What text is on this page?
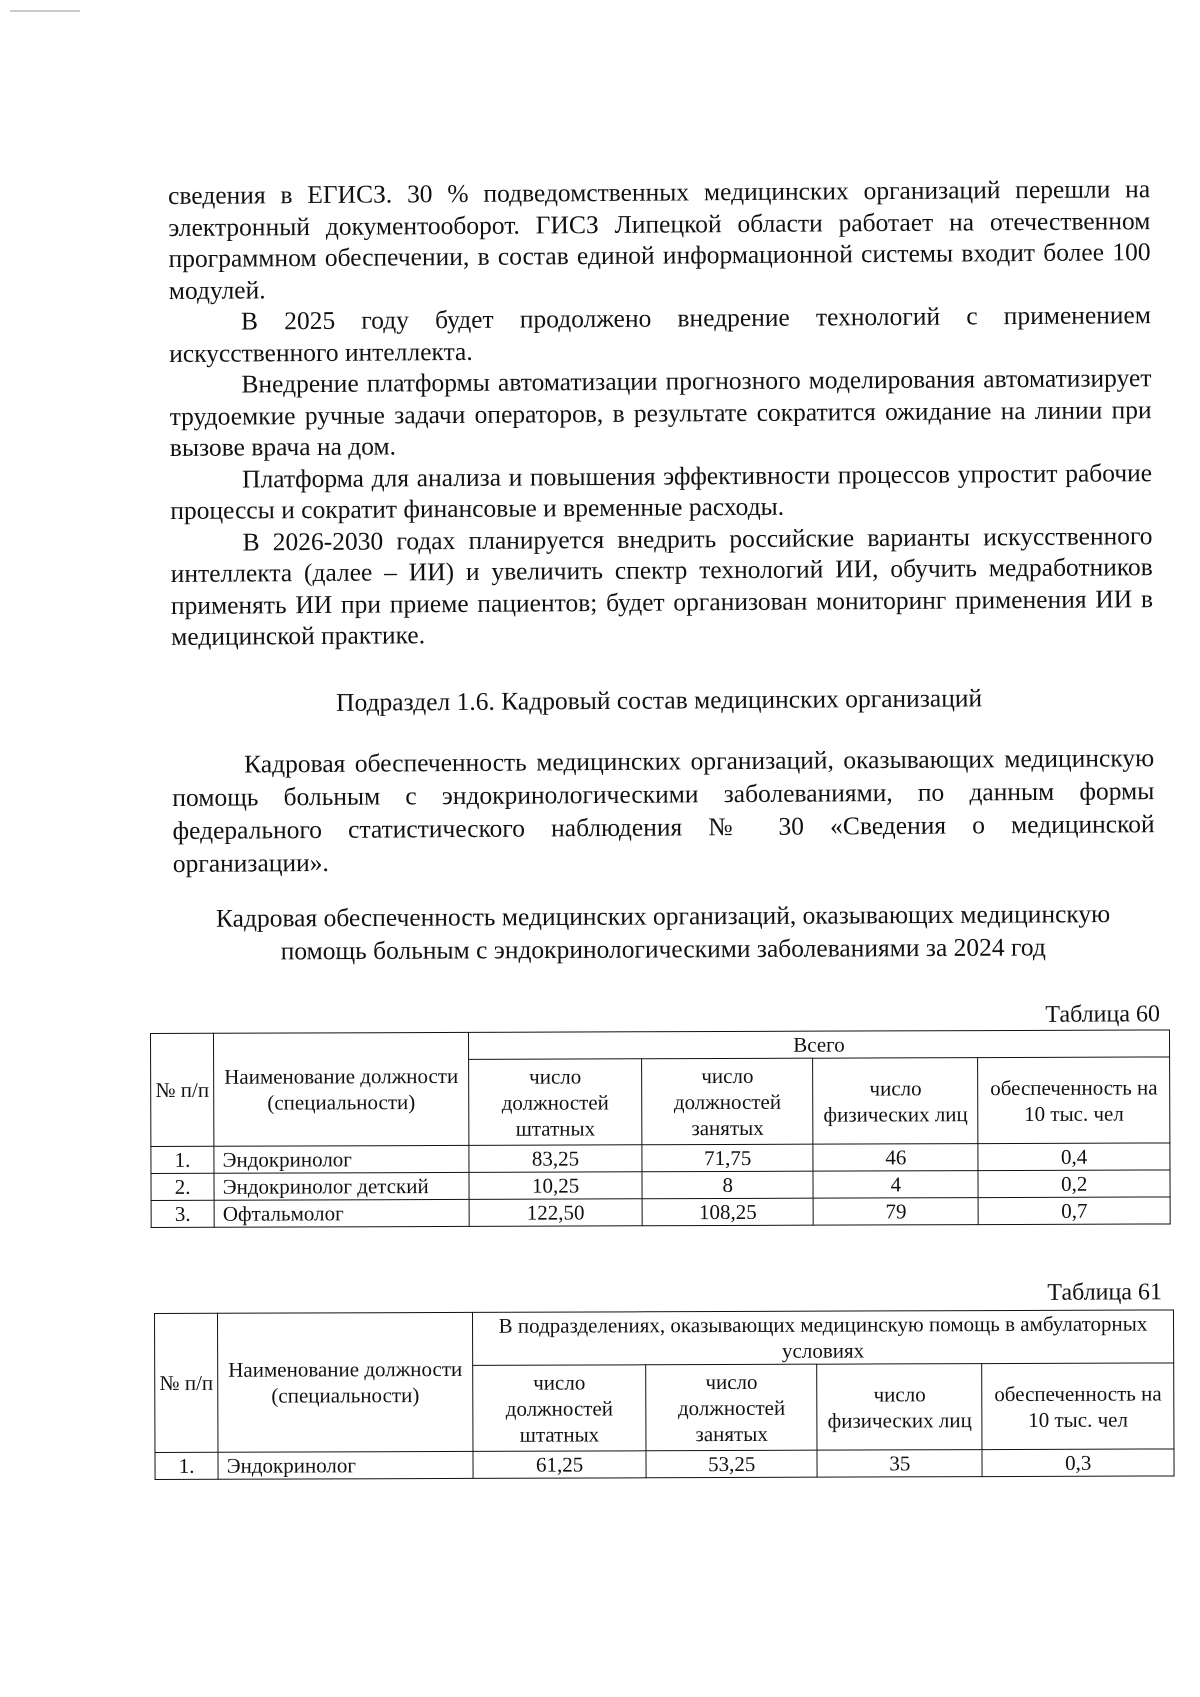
сведения в ЕГИСЗ. 30 % подведомственных медицинских организаций перешли на электронный документооборот. ГИСЗ Липецкой области работает на отечественном программном обеспечении, в состав единой информационной системы входит более 100 модулей.

В 2025 году будет продолжено внедрение технологий с применением искусственного интеллекта.

Внедрение платформы автоматизации прогнозного моделирования автоматизирует трудоемкие ручные задачи операторов, в результате сократится ожидание на линии при вызове врача на дом.

Платформа для анализа и повышения эффективности процессов упростит рабочие процессы и сократит финансовые и временные расходы.

В 2026-2030 годах планируется внедрить российские варианты искусственного интеллекта (далее – ИИ) и увеличить спектр технологий ИИ, обучить медработников применять ИИ при приеме пациентов; будет организован мониторинг применения ИИ в медицинской практике.

Подраздел 1.6. Кадровый состав медицинских организаций

Кадровая обеспеченность медицинских организаций, оказывающих медицинскую помощь больным с эндокринологическими заболеваниями, по данным формы федерального статистического наблюдения № 30 «Сведения о медицинской организации».

Кадровая обеспеченность медицинских организаций, оказывающих медицинскую помощь больным с эндокринологическими заболеваниями за 2024 год
Таблица 60
№ п/п	Наименование должности (специальности)	Всего			
		число должностей штатных	число должностей занятых	число физических лиц	обеспеченность на 10 тыс. чел
1.	Эндокринолог	83,25	71,75	46	0,4
2.	Эндокринолог детский	10,25	8	4	0,2
3.	Офтальмолог	122,50	108,25	79	0,7
Таблица 61
№ п/п	Наименование должности (специальности)	В подразделениях, оказывающих медицинскую помощь в амбулаторных условиях			
		число должностей штатных	число должностей занятых	число физических лиц	обеспеченность на 10 тыс. чел
1.	Эндокринолог	61,25	53,25	35	0,3
